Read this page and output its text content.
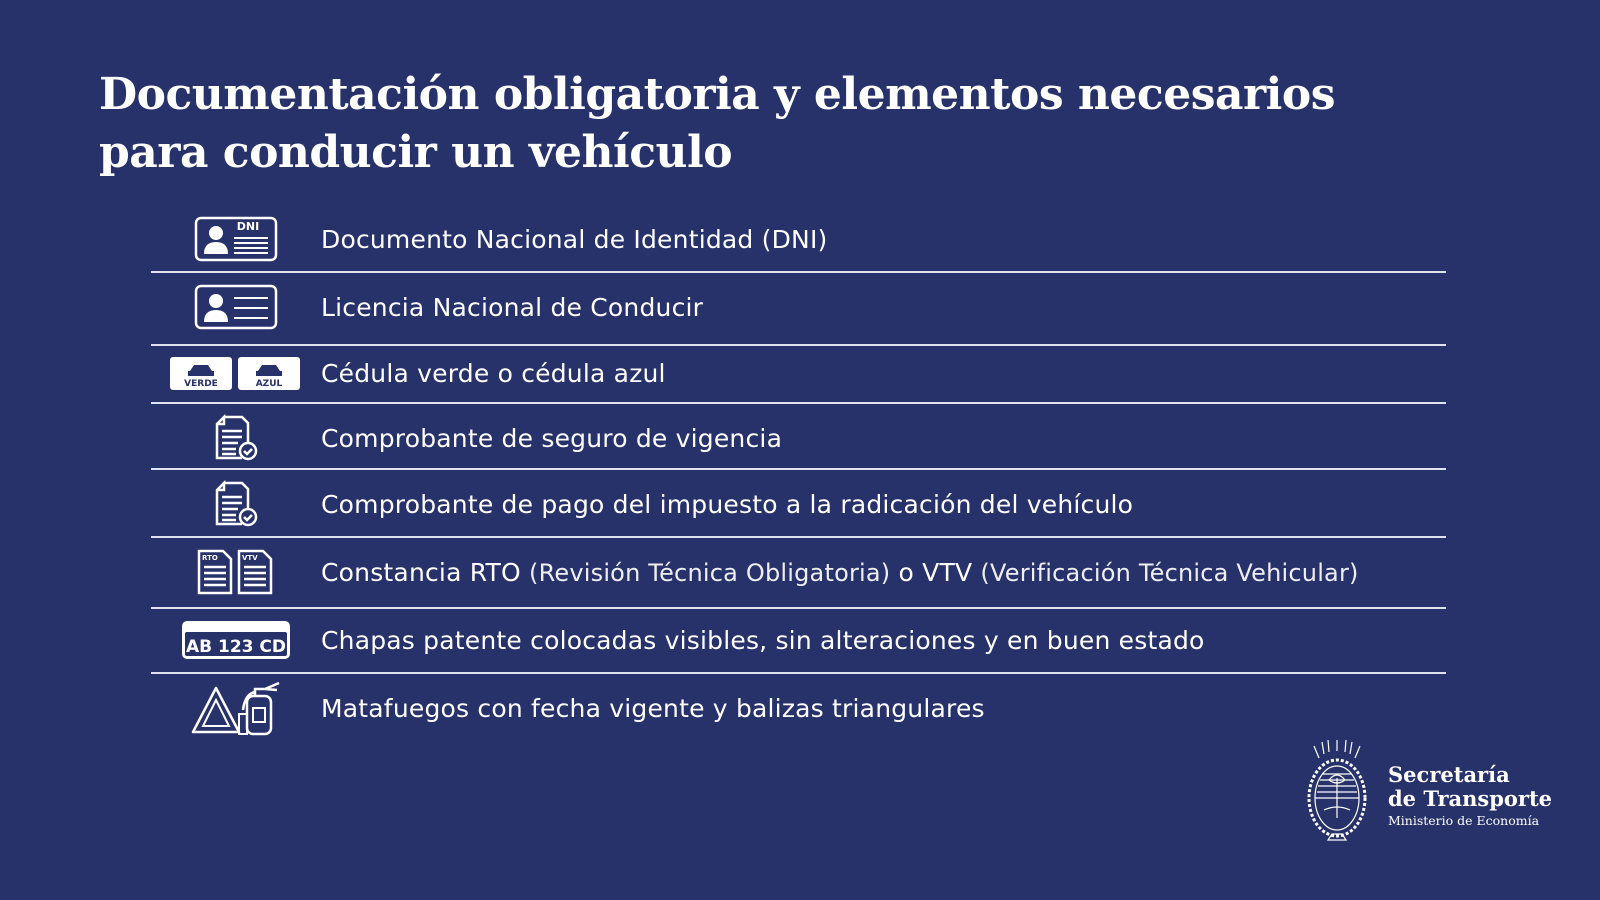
Documentación obligatoria y elementos necesarios
para conducir un vehículo
DNI Documento Nacional de Identidad (DNI)
Licencia Nacional de Conducir
VERDE	AZUL Cédula verde o cédula azul
Comprobante de seguro de vigencia
Comprobante de pago del impuesto a la radicación del vehículo
RTO	VTV	Constancia RTO (Revisión Técnica Obligatoria) o VTV (Verificación Técnica Vehicular)
AB 123 CD Chapas patente colocadas visibles, sin alteraciones y en buen estado
Matafuegos con fecha vigente y balizas triangulares
Secretaría
de Transporte
Ministerio de Economía
